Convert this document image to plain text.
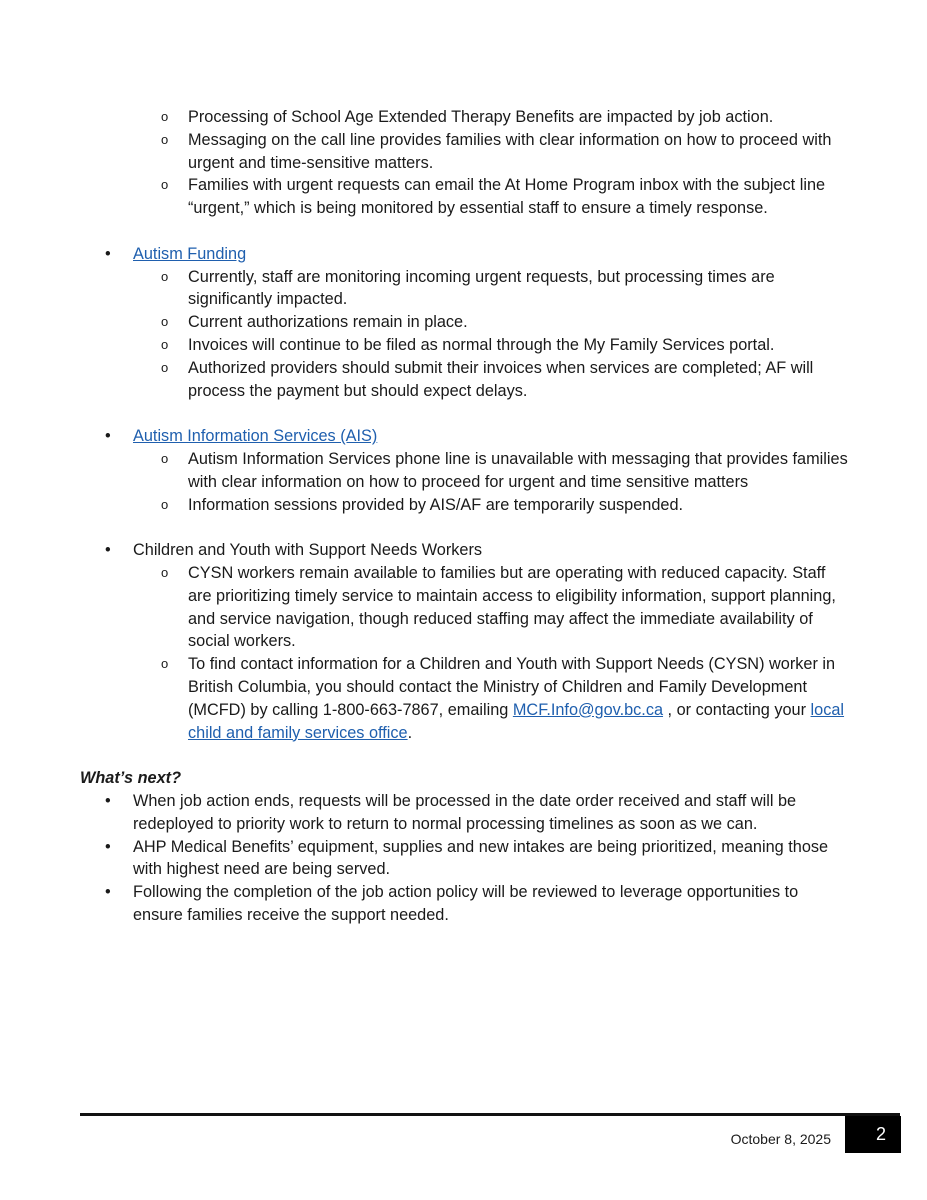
o Processing of School Age Extended Therapy Benefits are impacted by job action.
o Messaging on the call line provides families with clear information on how to proceed with urgent and time-sensitive matters.
o Families with urgent requests can email the At Home Program inbox with the subject line “urgent,” which is being monitored by essential staff to ensure a timely response.
• Autism Funding
o Currently, staff are monitoring incoming urgent requests, but processing times are significantly impacted.
o Current authorizations remain in place.
o Invoices will continue to be filed as normal through the My Family Services portal.
o Authorized providers should submit their invoices when services are completed; AF will process the payment but should expect delays.
• Autism Information Services (AIS)
o Autism Information Services phone line is unavailable with messaging that provides families with clear information on how to proceed for urgent and time sensitive matters
o Information sessions provided by AIS/AF are temporarily suspended.
• Children and Youth with Support Needs Workers
o CYSN workers remain available to families but are operating with reduced capacity. Staff are prioritizing timely service to maintain access to eligibility information, support planning, and service navigation, though reduced staffing may affect the immediate availability of social workers.
o To find contact information for a Children and Youth with Support Needs (CYSN) worker in British Columbia, you should contact the Ministry of Children and Family Development (MCFD) by calling 1-800-663-7867, emailing MCF.Info@gov.bc.ca , or contacting your local child and family services office.
What’s next?
• When job action ends, requests will be processed in the date order received and staff will be redeployed to priority work to return to normal processing timelines as soon as we can.
• AHP Medical Benefits’ equipment, supplies and new intakes are being prioritized, meaning those with highest need are being served.
• Following the completion of the job action policy will be reviewed to leverage opportunities to ensure families receive the support needed.
October 8, 2025	2
